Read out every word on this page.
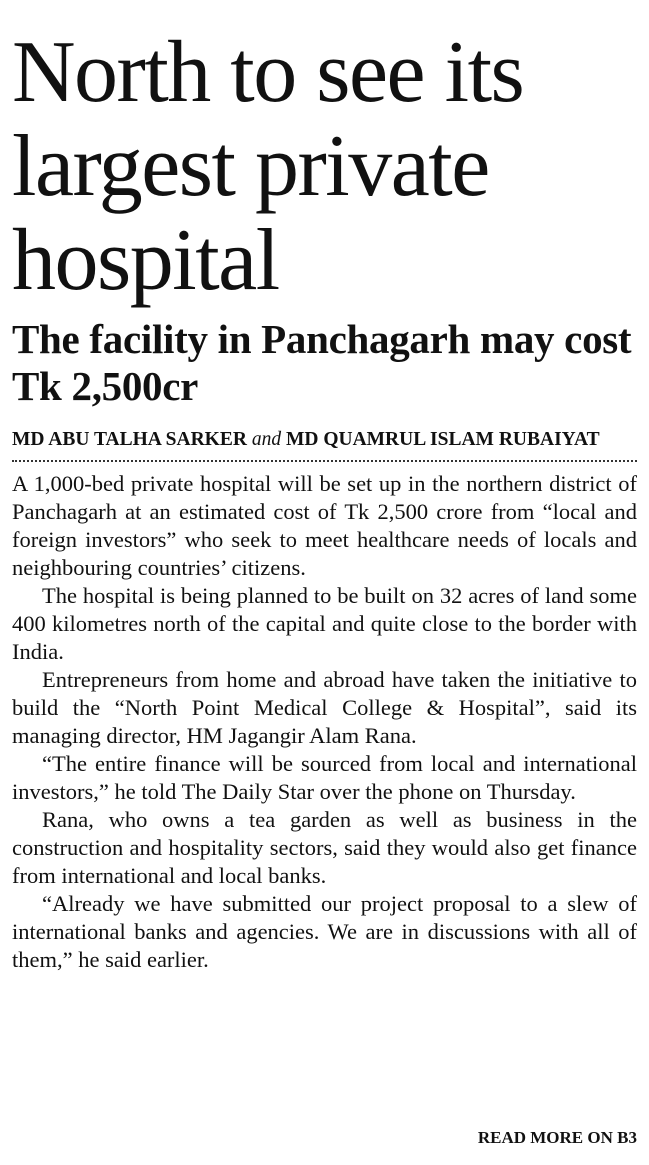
North to see its largest private hospital
The facility in Panchagarh may cost Tk 2,500cr
MD ABU TALHA SARKER and MD QUAMRUL ISLAM RUBAIYAT

A 1,000-bed private hospital will be set up in the northern district of Panchagarh at an estimated cost of Tk 2,500 crore from “local and foreign investors” who seek to meet healthcare needs of locals and neighbouring countries’ citizens.

The hospital is being planned to be built on 32 acres of land some 400 kilometres north of the capital and quite close to the border with India.

Entrepreneurs from home and abroad have taken the initiative to build the “North Point Medical College & Hospital”, said its managing director, HM Jagangir Alam Rana.

“The entire finance will be sourced from local and international investors,” he told The Daily Star over the phone on Thursday.

Rana, who owns a tea garden as well as business in the construction and hospitality sectors, said they would also get finance from international and local banks.

“Already we have submitted our project proposal to a slew of international banks and agencies. We are in discussions with all of them,” he said earlier.

READ MORE ON B3
